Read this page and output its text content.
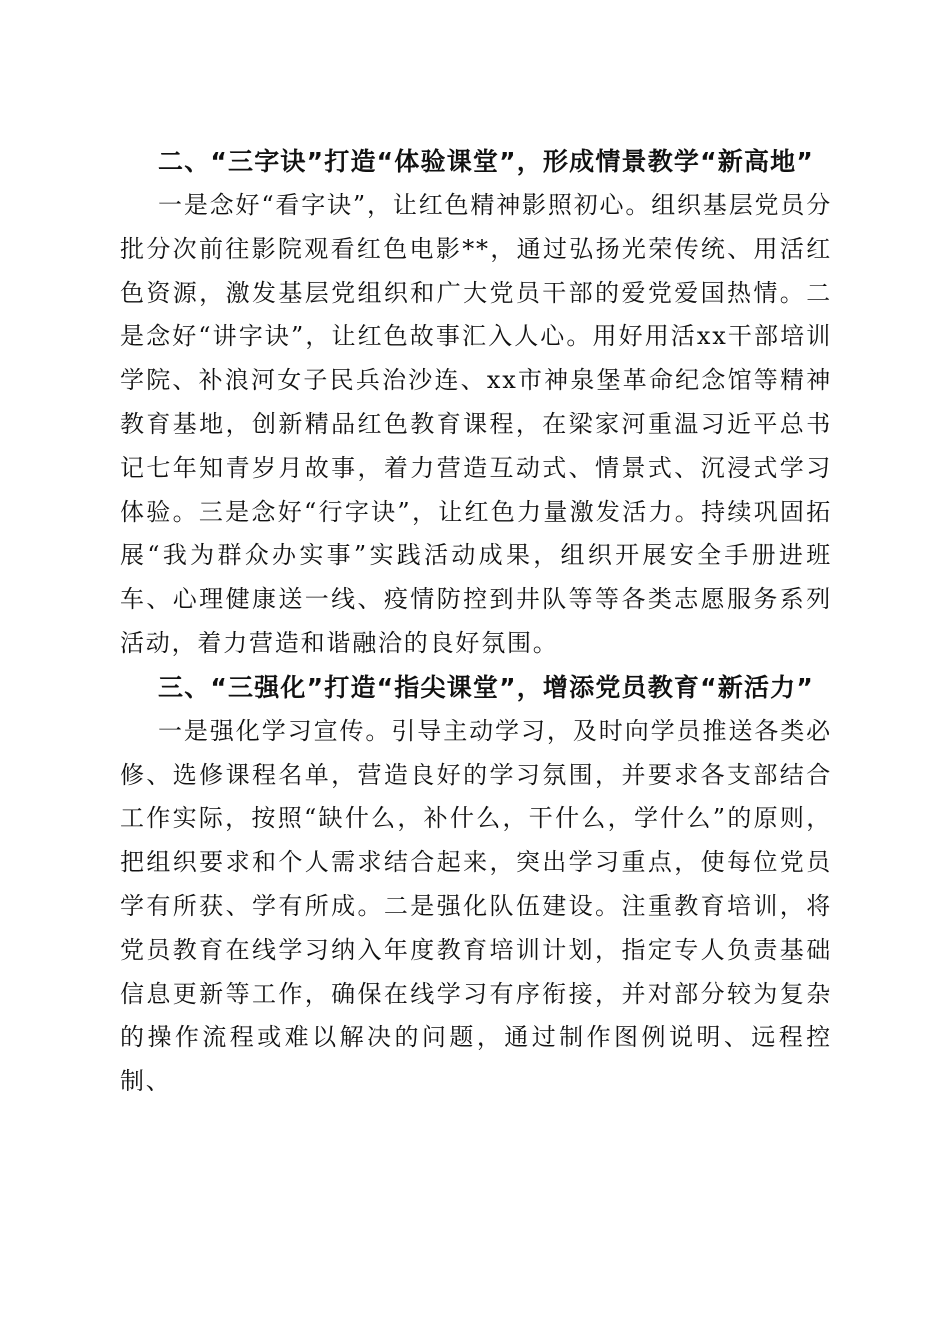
二、“三字诀”打造“体验课堂”，形成情景教学“新高地”

一是念好“看字诀”，让红色精神影照初心。组织基层党员分批分次前往影院观看红色电影**，通过弘扬光荣传统、用活红色资源，激发基层党组织和广大党员干部的爱党爱国热情。二是念好“讲字诀”，让红色故事汇入人心。用好用活xx干部培训学院、补浪河女子民兵治沙连、xx市神泉堡革命纪念馆等精神教育基地，创新精品红色教育课程，在梁家河重温习近平总书记七年知青岁月故事，着力营造互动式、情景式、沉浸式学习体验。三是念好“行字诀”，让红色力量激发活力。持续巩固拓展“我为群众办实事”实践活动成果，组织开展安全手册进班车、心理健康送一线、疫情防控到井队等等各类志愿服务系列活动，着力营造和谐融洽的良好氛围。

三、“三强化”打造“指尖课堂”，增添党员教育“新活力”

一是强化学习宣传。引导主动学习，及时向学员推送各类必修、选修课程名单，营造良好的学习氛围，并要求各支部结合工作实际，按照“缺什么，补什么，干什么，学什么”的原则，把组织要求和个人需求结合起来，突出学习重点，使每位党员学有所获、学有所成。二是强化队伍建设。注重教育培训，将党员教育在线学习纳入年度教育培训计划，指定专人负责基础信息更新等工作，确保在线学习有序衔接，并对部分较为复杂的操作流程或难以解决的问题，通过制作图例说明、远程控制、
